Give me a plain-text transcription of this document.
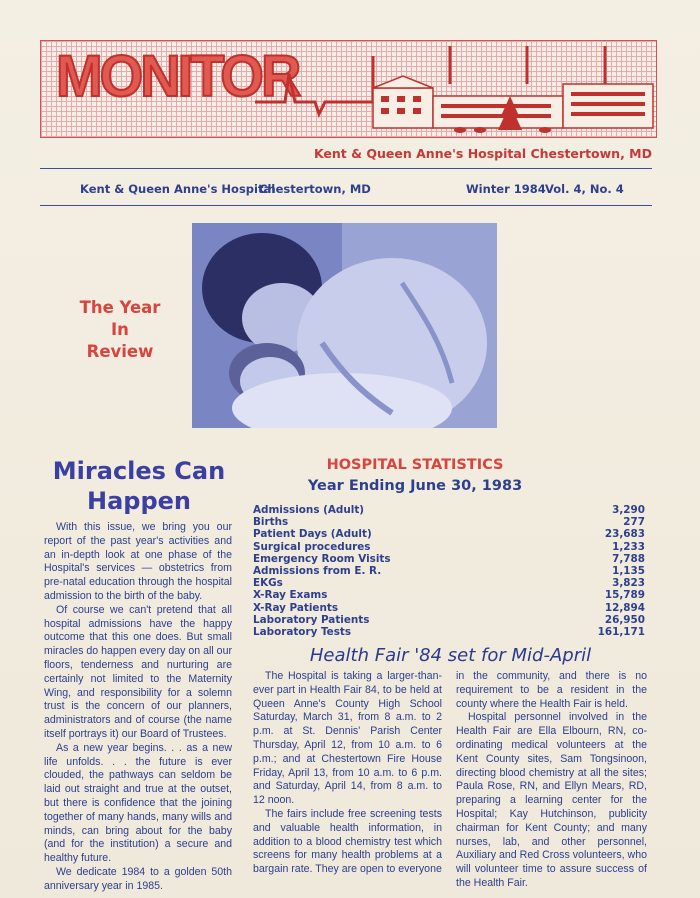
MONITOR
Kent & Queen Anne's Hospital Chestertown, MD
Kent & Queen Anne's Hospital
Chestertown, MD	Winter 1984 Vol. 4, No. 4
The Year
In
Review
Miracles Can
Happen

With this issue, we bring you our report of the past year's activities and an in-depth look at one phase of the Hospital's services — obstetrics from pre-natal education through the hospital admission to the birth of the baby.

Of course we can't pretend that all hospital admissions have the happy outcome that this one does. But small miracles do happen every day on all our floors, tenderness and nurturing are certainly not limited to the Maternity Wing, and responsibility for a solemn trust is the concern of our planners, administrators and of course (the name itself portrays it) our Board of Trustees.

As a new year begins. . . as a new life unfolds. . . the future is ever clouded, the pathways can seldom be laid out straight and true at the outset, but there is confidence that the joining together of many hands, many wills and minds, can bring about for the baby (and for the institution) a secure and healthy future.

We dedicate 1984 to a golden 50th anniversary year in 1985.

HOSPITAL STATISTICS
Year Ending June 30, 1983
Admissions (Adult)	3,290
Births	277
Patient Days (Adult)	23,683
Surgical procedures	1,233
Emergency Room Visits	7,788
Admissions from E. R.	1,135
EKGs	3,823
X-Ray Exams	15,789
X-Ray Patients	12,894
Laboratory Patients	26,950
Laboratory Tests	161,171
Health Fair '84 set for Mid-April

The Hospital is taking a larger-than-ever part in Health Fair 84, to be held at Queen Anne's County High School Saturday, March 31, from 8 a.m. to 2 p.m. at St. Dennis' Parish Center Thursday, April 12, from 10 a.m. to 6 p.m.; and at Chestertown Fire House Friday, April 13, from 10 a.m. to 6 p.m. and Saturday, April 14, from 8 a.m. to 12 noon.

The fairs include free screening tests and valuable health information, in addition to a blood chemistry test which screens for many health problems at a bargain rate. They are open to everyone

in the community, and there is no requirement to be a resident in the county where the Health Fair is held.

Hospital personnel involved in the Health Fair are Ella Elbourn, RN, co-ordinating medical volunteers at the Kent County sites, Sam Tongsinoon, directing blood chemistry at all the sites; Paula Rose, RN, and Ellyn Mears, RD, preparing a learning center for the Hospital; Kay Hutchinson, publicity chairman for Kent County; and many nurses, lab, and other personnel, Auxiliary and Red Cross volunteers, who will volunteer time to assure success of the Health Fair.
